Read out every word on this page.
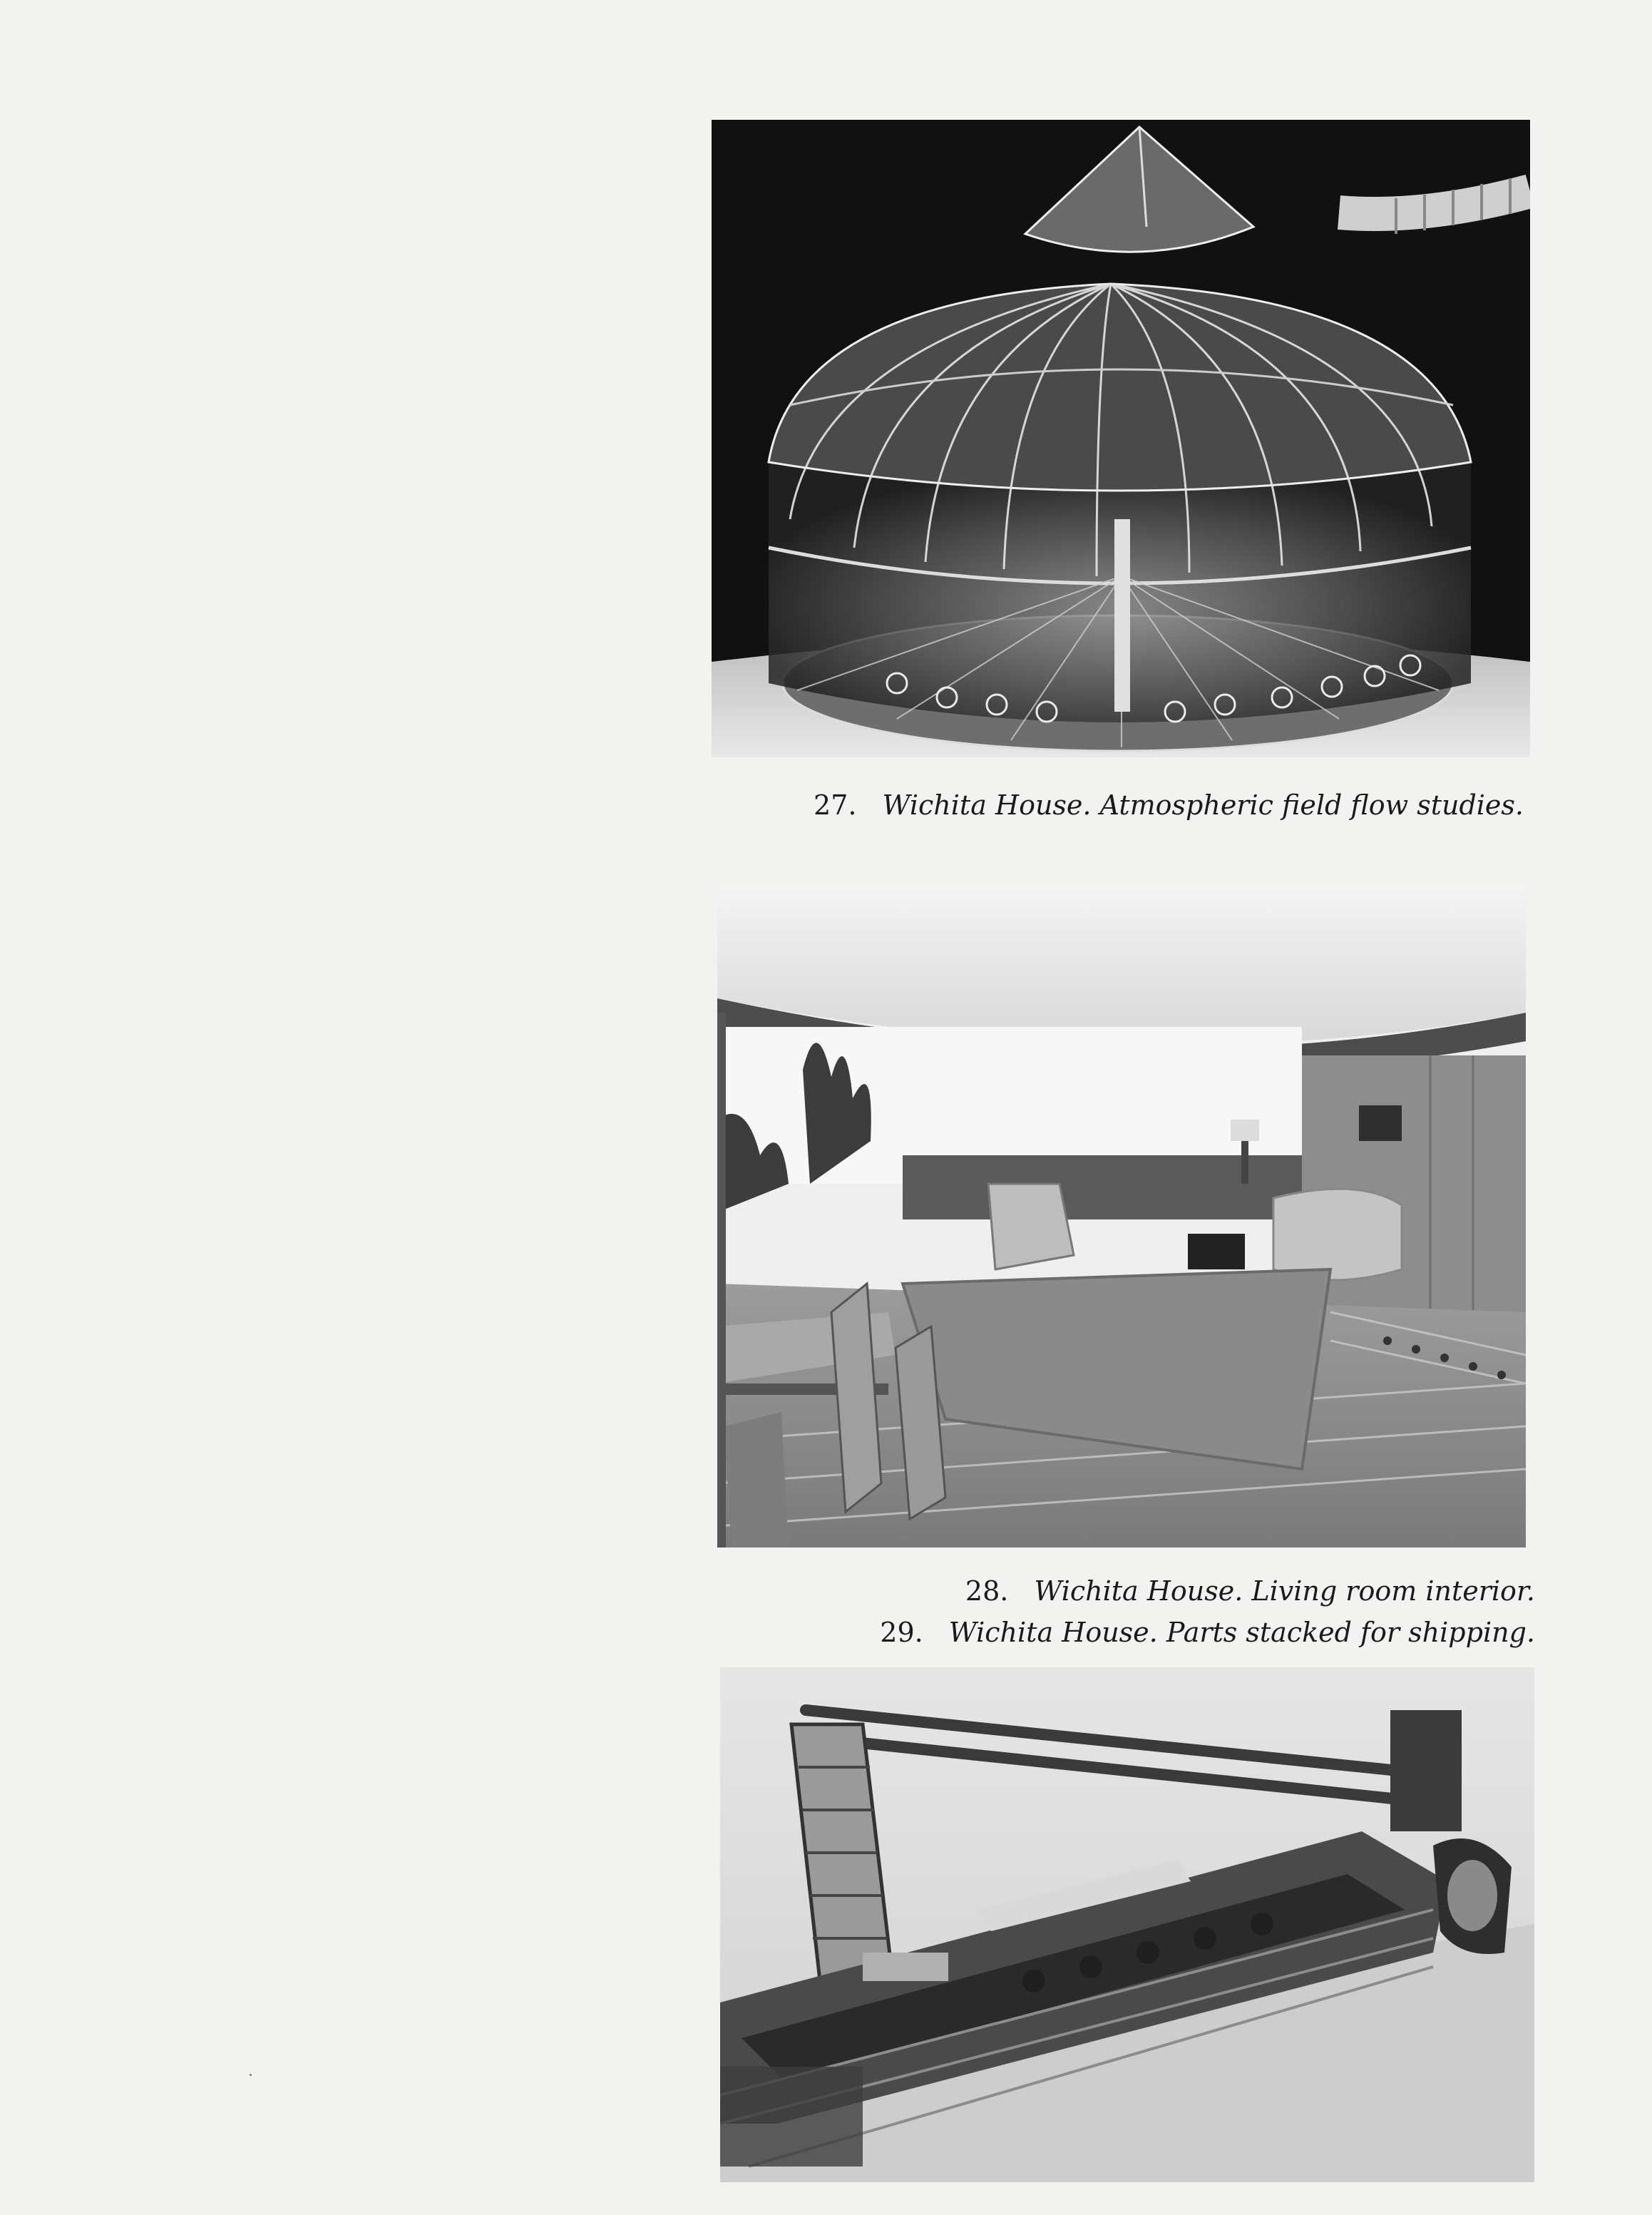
27. Wichita House. Atmospheric field flow studies.
28. Wichita House. Living room interior.
29. Wichita House. Parts stacked for shipping.
